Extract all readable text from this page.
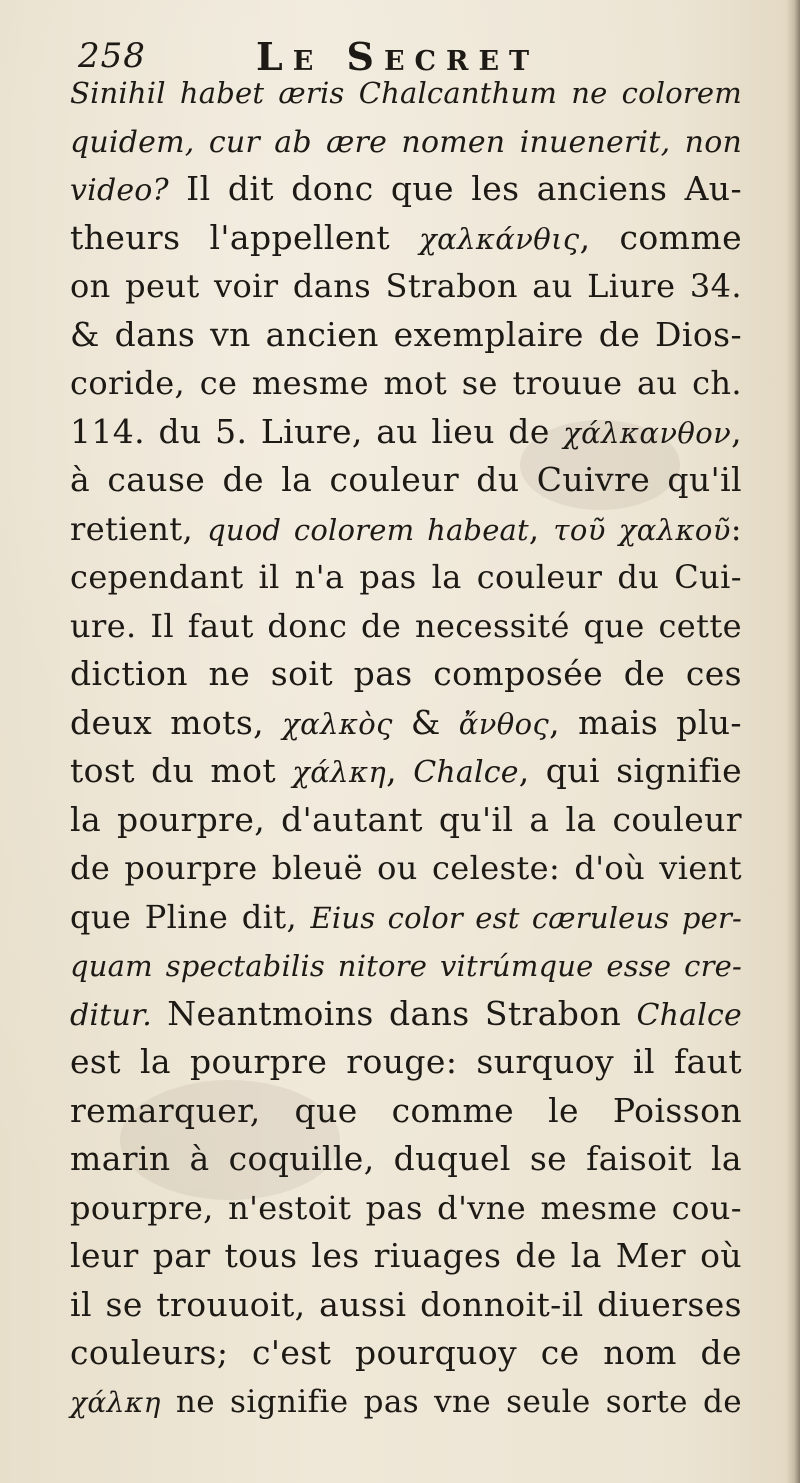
258	Le Secret
Sinihil habet æris Chalcanthum ne colorem
quidem, cur ab ære nomen inuenerit, non
video? Il dit donc que les anciens Au-
theurs l'appellent χαλκάνθις, comme
on peut voir dans Strabon au Liure 34.
& dans vn ancien exemplaire de Dios-
coride, ce mesme mot se trouue au ch.
114. du 5. Liure, au lieu de χάλκανθον,
à cause de la couleur du Cuivre qu'il
retient, quod colorem habeat, τοῦ χαλκοῦ:
cependant il n'a pas la couleur du Cui-
ure. Il faut donc de necessité que cette
diction ne soit pas composée de ces
deux mots, χαλκὸς & ἄνθος, mais plu-
tost du mot χάλκη, Chalce, qui signifie
la pourpre, d'autant qu'il a la couleur
de pourpre bleuë ou celeste: d'où vient
que Pline dit, Eius color est cæruleus per-
quam spectabilis nitore vitrúmque esse cre-
ditur. Neantmoins dans Strabon Chalce
est la pourpre rouge: surquoy il faut
remarquer, que comme le Poisson
marin à coquille, duquel se faisoit la
pourpre, n'estoit pas d'vne mesme cou-
leur par tous les riuages de la Mer où
il se trouuoit, aussi donnoit-il diuerses
couleurs; c'est pourquoy ce nom de
χάλκη ne signifie pas vne seule sorte de
